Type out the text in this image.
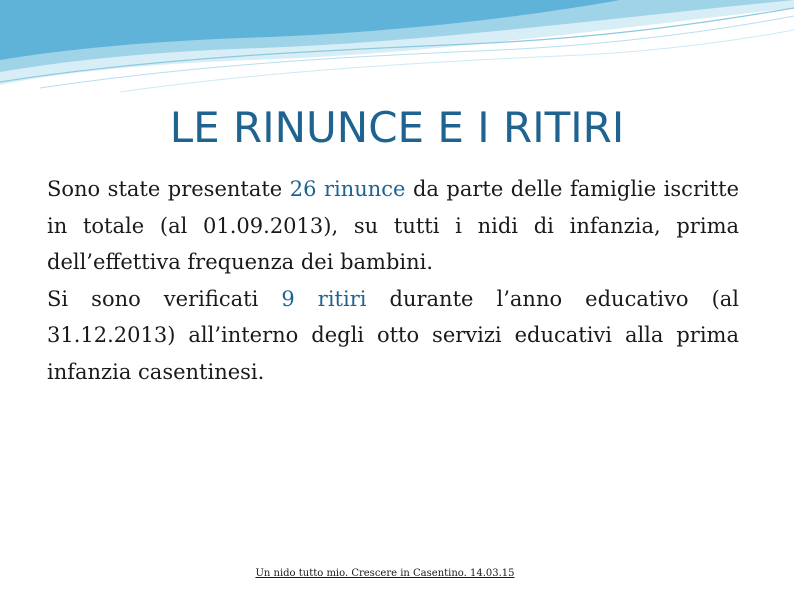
LE RINUNCE E I RITIRI

Sono state presentate 26 rinunce da parte delle famiglie iscritte in totale (al 01.09.2013), su tutti i nidi di infanzia, prima dell’effettiva frequenza dei bambini.

Si sono verificati 9 ritiri durante l’anno educativo (al 31.12.2013) all’interno degli otto servizi educativi alla prima infanzia casentinesi.

Un nido tutto mio. Crescere in Casentino. 14.03.15
